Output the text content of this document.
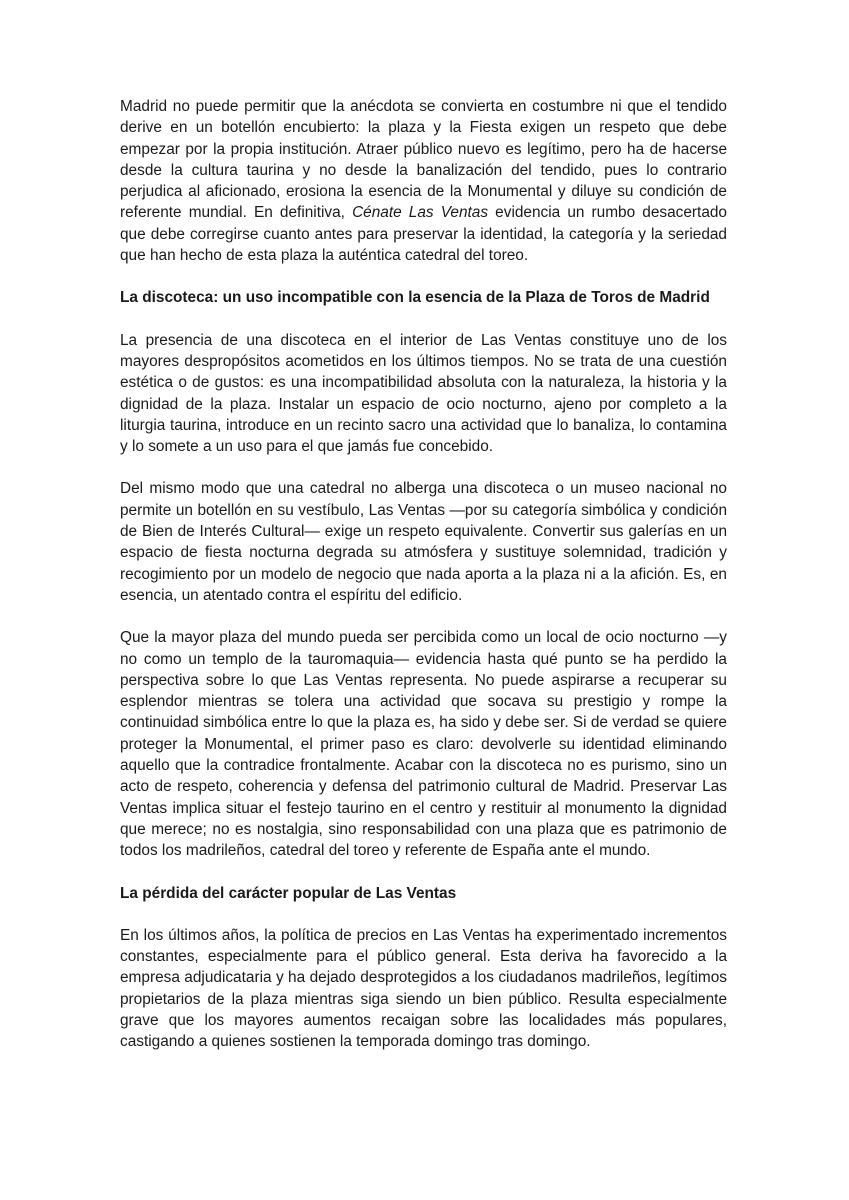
Madrid no puede permitir que la anécdota se convierta en costumbre ni que el tendido derive en un botellón encubierto: la plaza y la Fiesta exigen un respeto que debe empezar por la propia institución. Atraer público nuevo es legítimo, pero ha de hacerse desde la cultura taurina y no desde la banalización del tendido, pues lo contrario perjudica al aficionado, erosiona la esencia de la Monumental y diluye su condición de referente mundial. En definitiva, Cénate Las Ventas evidencia un rumbo desacertado que debe corregirse cuanto antes para preservar la identidad, la categoría y la seriedad que han hecho de esta plaza la auténtica catedral del toreo.

La discoteca: un uso incompatible con la esencia de la Plaza de Toros de Madrid

La presencia de una discoteca en el interior de Las Ventas constituye uno de los mayores despropósitos acometidos en los últimos tiempos. No se trata de una cuestión estética o de gustos: es una incompatibilidad absoluta con la naturaleza, la historia y la dignidad de la plaza. Instalar un espacio de ocio nocturno, ajeno por completo a la liturgia taurina, introduce en un recinto sacro una actividad que lo banaliza, lo contamina y lo somete a un uso para el que jamás fue concebido.

Del mismo modo que una catedral no alberga una discoteca o un museo nacional no permite un botellón en su vestíbulo, Las Ventas —por su categoría simbólica y condición de Bien de Interés Cultural— exige un respeto equivalente. Convertir sus galerías en un espacio de fiesta nocturna degrada su atmósfera y sustituye solemnidad, tradición y recogimiento por un modelo de negocio que nada aporta a la plaza ni a la afición. Es, en esencia, un atentado contra el espíritu del edificio.

Que la mayor plaza del mundo pueda ser percibida como un local de ocio nocturno —y no como un templo de la tauromaquia— evidencia hasta qué punto se ha perdido la perspectiva sobre lo que Las Ventas representa. No puede aspirarse a recuperar su esplendor mientras se tolera una actividad que socava su prestigio y rompe la continuidad simbólica entre lo que la plaza es, ha sido y debe ser. Si de verdad se quiere proteger la Monumental, el primer paso es claro: devolverle su identidad eliminando aquello que la contradice frontalmente. Acabar con la discoteca no es purismo, sino un acto de respeto, coherencia y defensa del patrimonio cultural de Madrid. Preservar Las Ventas implica situar el festejo taurino en el centro y restituir al monumento la dignidad que merece; no es nostalgia, sino responsabilidad con una plaza que es patrimonio de todos los madrileños, catedral del toreo y referente de España ante el mundo.

La pérdida del carácter popular de Las Ventas

En los últimos años, la política de precios en Las Ventas ha experimentado incrementos constantes, especialmente para el público general. Esta deriva ha favorecido a la empresa adjudicataria y ha dejado desprotegidos a los ciudadanos madrileños, legítimos propietarios de la plaza mientras siga siendo un bien público. Resulta especialmente grave que los mayores aumentos recaigan sobre las localidades más populares, castigando a quienes sostienen la temporada domingo tras domingo.
